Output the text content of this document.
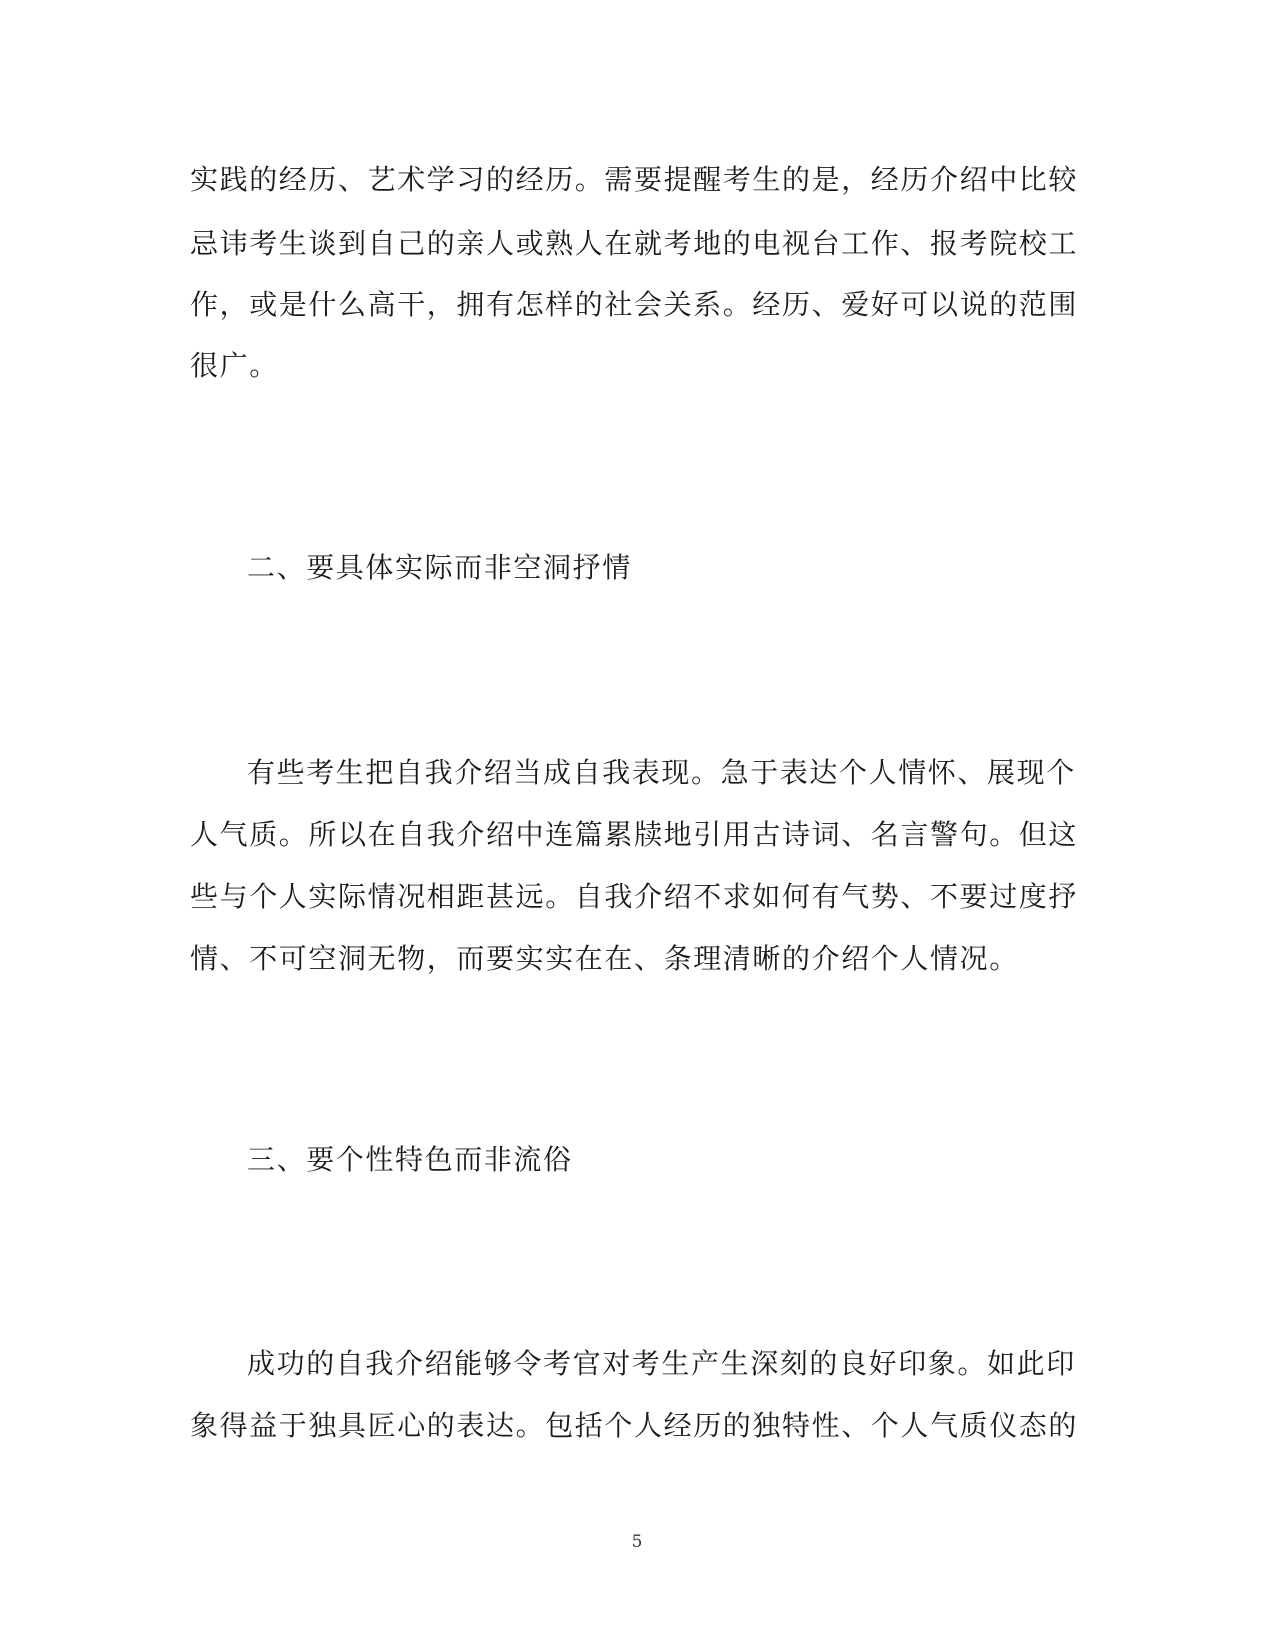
实践的经历、艺术学习的经历。需要提醒考生的是，经历介绍中比较
忌讳考生谈到自己的亲人或熟人在就考地的电视台工作、报考院校工
作，或是什么高干，拥有怎样的社会关系。经历、爱好可以说的范围
很广。
二、要具体实际而非空洞抒情
有些考生把自我介绍当成自我表现。急于表达个人情怀、展现个
人气质。所以在自我介绍中连篇累牍地引用古诗词、名言警句。但这
些与个人实际情况相距甚远。自我介绍不求如何有气势、不要过度抒
情、不可空洞无物，而要实实在在、条理清晰的介绍个人情况。
三、要个性特色而非流俗
成功的自我介绍能够令考官对考生产生深刻的良好印象。如此印
象得益于独具匠心的表达。包括个人经历的独特性、个人气质仪态的
5
